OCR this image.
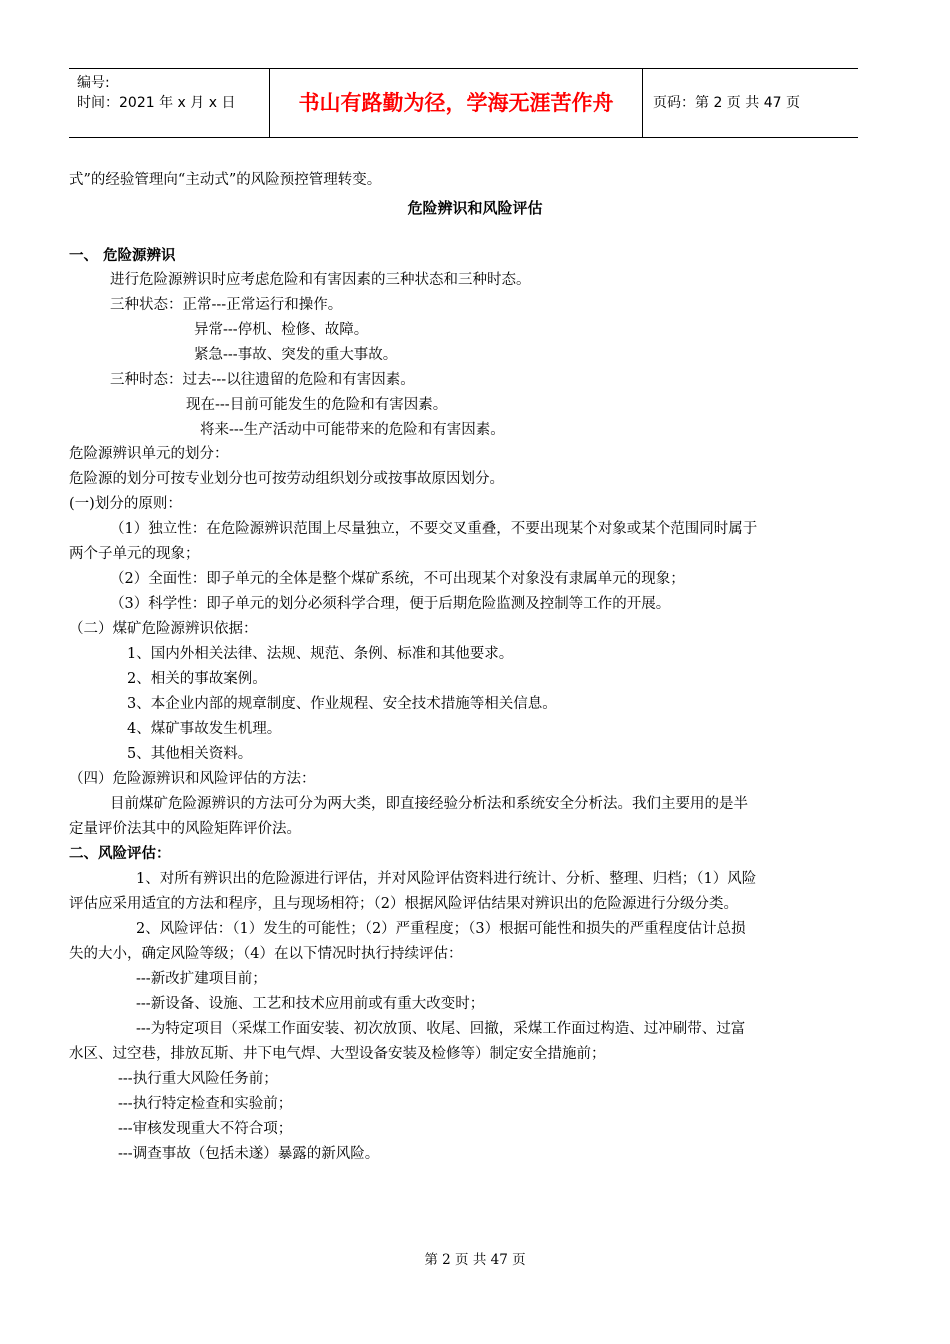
编号:
时间：2021 年 x 月 x 日	书山有路勤为径，学海无涯苦作舟	页码：第 2 页 共 47 页
式”的经验管理向“主动式”的风险预控管理转变。
危险辨识和风险评估
一、 危险源辨识
进行危险源辨识时应考虑危险和有害因素的三种状态和三种时态。
三种状态：正常---正常运行和操作。
异常---停机、检修、故障。
紧急---事故、突发的重大事故。
三种时态：过去---以往遗留的危险和有害因素。
现在---目前可能发生的危险和有害因素。
将来---生产活动中可能带来的危险和有害因素。
危险源辨识单元的划分：
危险源的划分可按专业划分也可按劳动组织划分或按事故原因划分。
(一)划分的原则：
（1）独立性：在危险源辨识范围上尽量独立，不要交叉重叠，不要出现某个对象或某个范围同时属于
两个子单元的现象；
（2）全面性：即子单元的全体是整个煤矿系统，不可出现某个对象没有隶属单元的现象；
（3）科学性：即子单元的划分必须科学合理，便于后期危险监测及控制等工作的开展。
（二）煤矿危险源辨识依据：
1、国内外相关法律、法规、规范、条例、标准和其他要求。
2、相关的事故案例。
3、本企业内部的规章制度、作业规程、安全技术措施等相关信息。
4、煤矿事故发生机理。
5、其他相关资料。
（四）危险源辨识和风险评估的方法：
目前煤矿危险源辨识的方法可分为两大类，即直接经验分析法和系统安全分析法。我们主要用的是半
定量评价法其中的风险矩阵评价法。
二、风险评估：
1、对所有辨识出的危险源进行评估，并对风险评估资料进行统计、分析、整理、归档；（1）风险
评估应采用适宜的方法和程序，且与现场相符；（2）根据风险评估结果对辨识出的危险源进行分级分类。
2、风险评估：（1）发生的可能性；（2）严重程度；（3）根据可能性和损失的严重程度估计总损
失的大小，确定风险等级；（4）在以下情况时执行持续评估：
---新改扩建项目前；
---新设备、设施、工艺和技术应用前或有重大改变时；
---为特定项目（采煤工作面安装、初次放顶、收尾、回撤，采煤工作面过构造、过冲刷带、过富
水区、过空巷，排放瓦斯、井下电气焊、大型设备安装及检修等）制定安全措施前；
---执行重大风险任务前；
---执行特定检查和实验前；
---审核发现重大不符合项；
---调查事故（包括未遂）暴露的新风险。
第 2 页 共 47 页
